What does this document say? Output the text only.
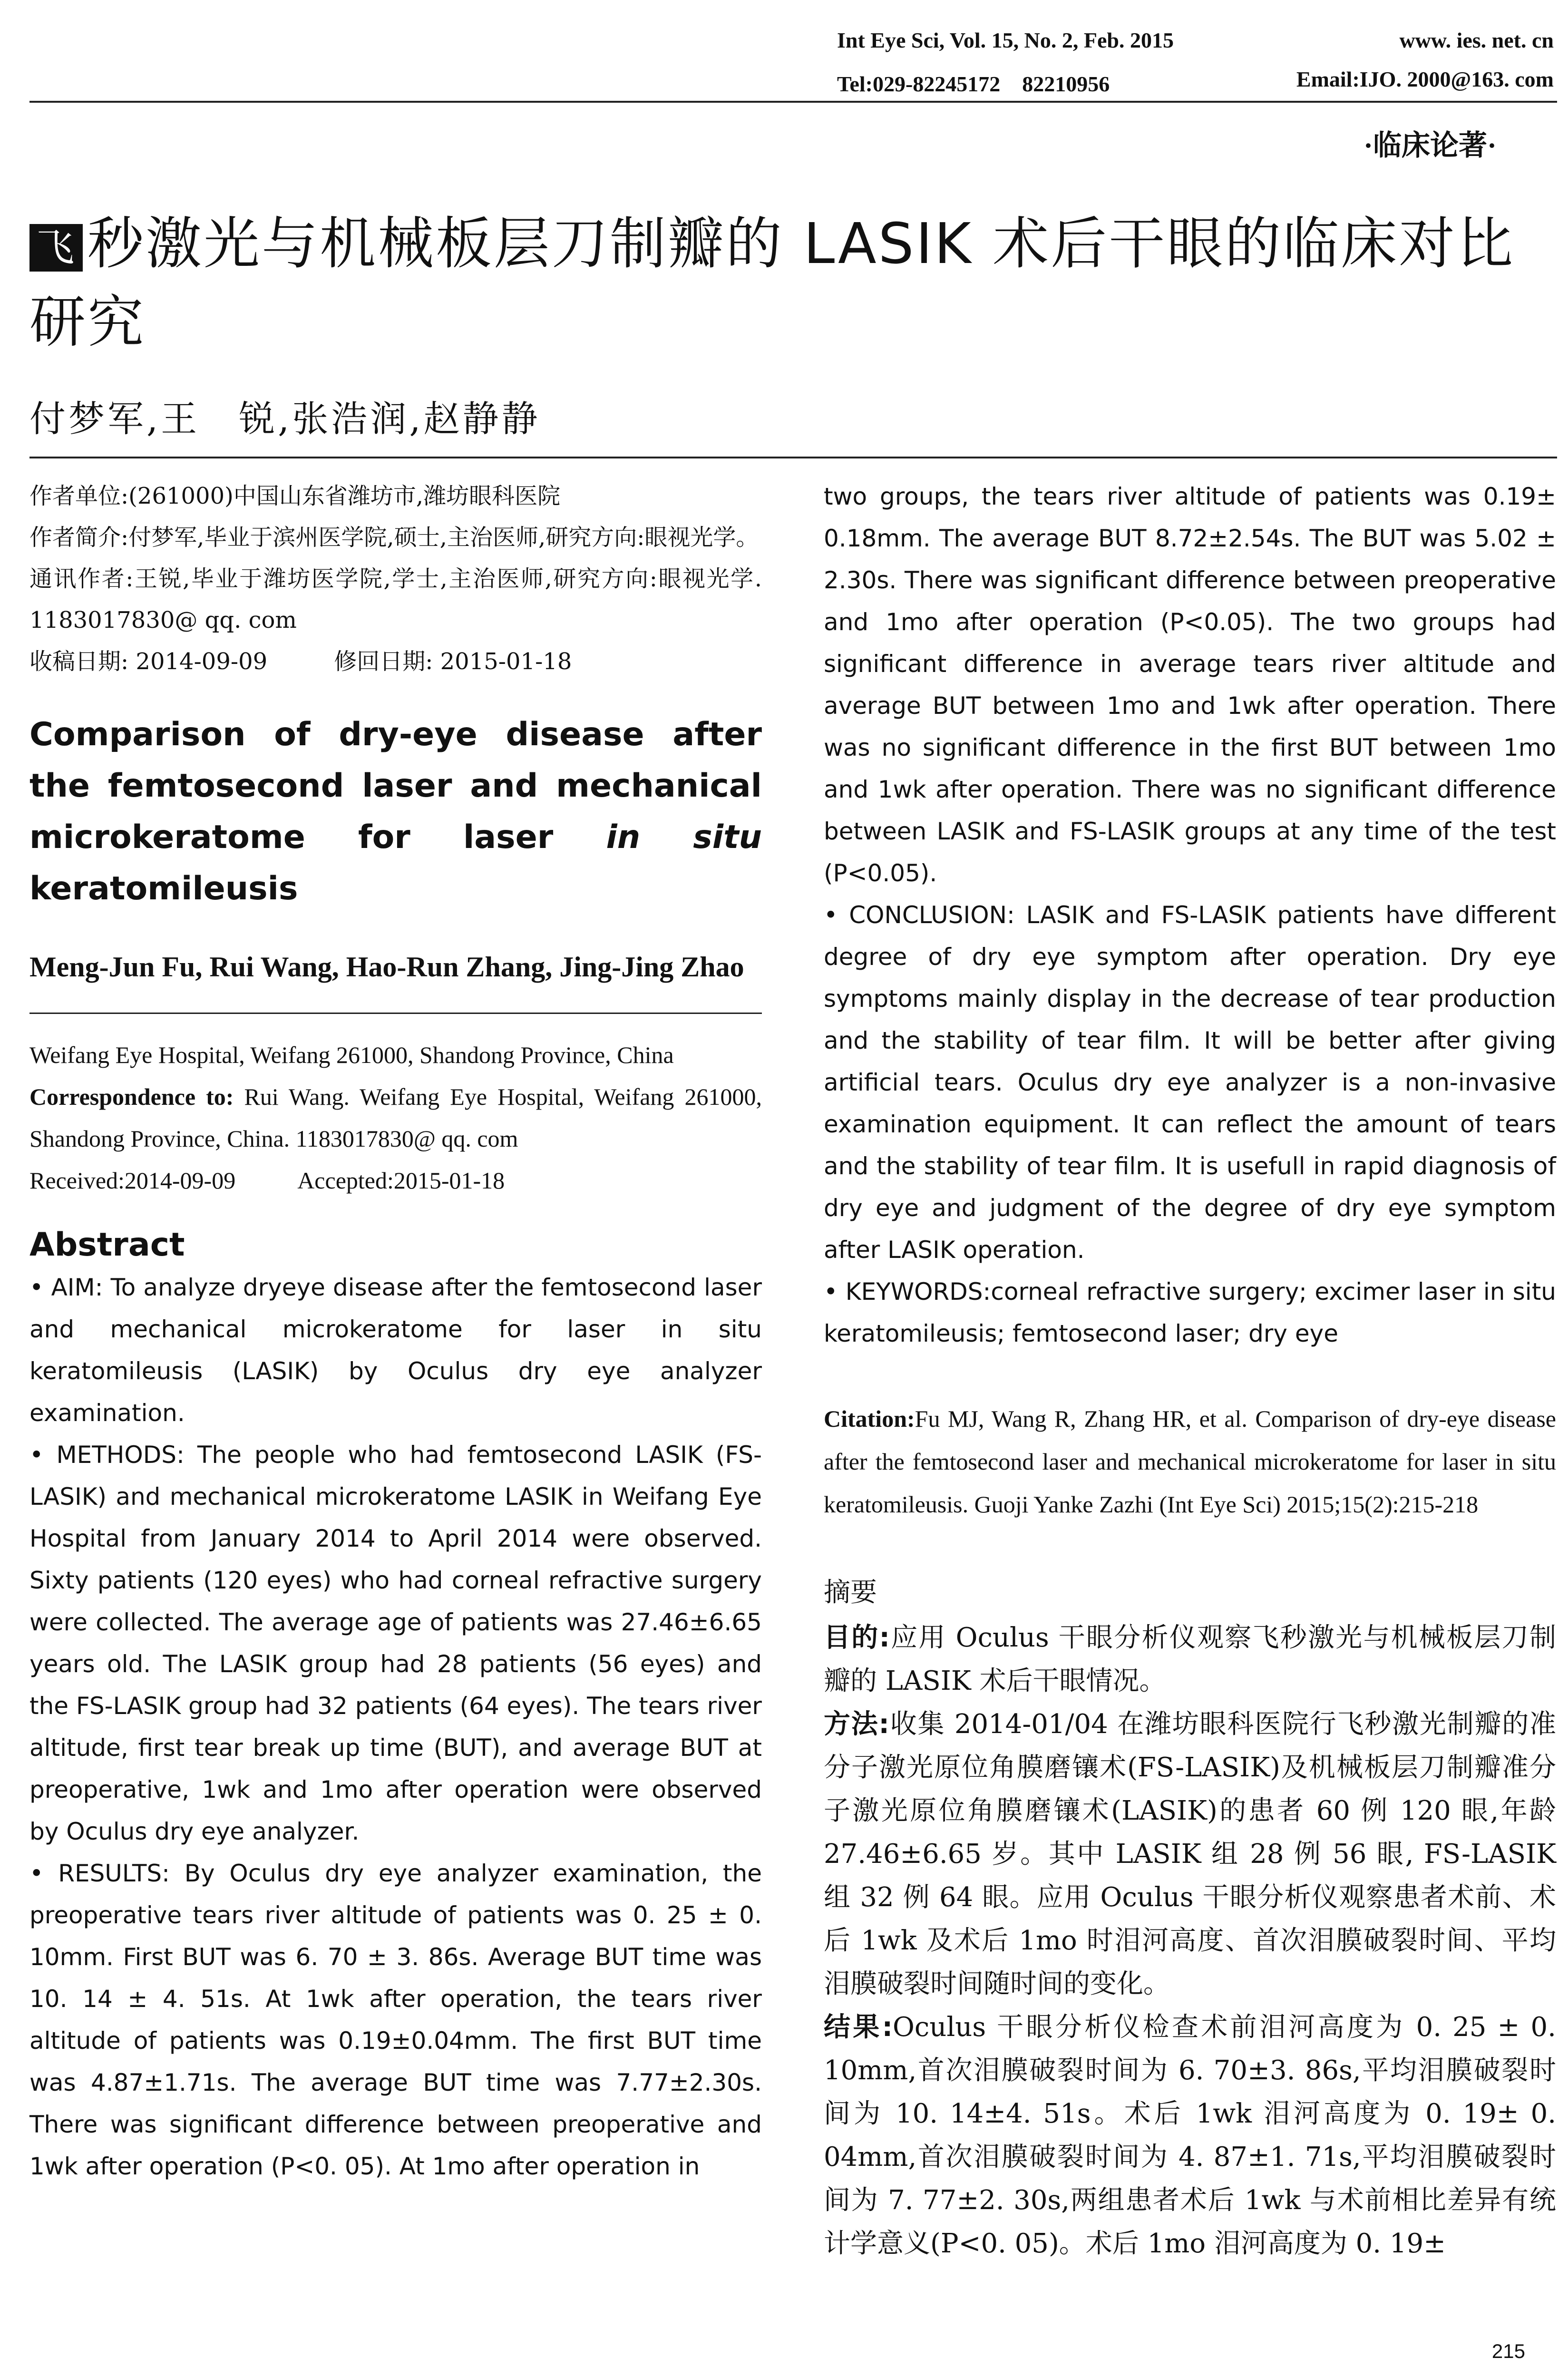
Int Eye Sci, Vol. 15, No. 2, Feb. 2015	www. ies. net. cn
Tel:029-82245172　82210956	Email:IJO. 2000@163. com
·临床论著·
飞 秒激光与机械板层刀制瓣的 LASIK 术后干眼的临床对比研究
付梦军,王　锐,张浩润,赵静静
作者单位:(261000)中国山东省潍坊市,潍坊眼科医院
作者简介:付梦军,毕业于滨州医学院,硕士,主治医师,研究方向:眼视光学。
通讯作者:王锐,毕业于潍坊医学院,学士,主治医师,研究方向:眼视光学. 1183017830@ qq. com
收稿日期: 2014-09-09	修回日期: 2015-01-18
Comparison of dry-eye disease after the femtosecond laser and mechanical microkeratome for laser in situ keratomileusis
Meng-Jun Fu, Rui Wang, Hao-Run Zhang, Jing-Jing Zhao
Weifang Eye Hospital, Weifang 261000, Shandong Province, China
Correspondence to: Rui Wang. Weifang Eye Hospital, Weifang 261000, Shandong Province, China. 1183017830@ qq. com
Received:2014-09-09	Accepted:2015-01-18
Abstract

• AIM: To analyze dryeye disease after the femtosecond laser and mechanical microkeratome for laser in situ keratomileusis (LASIK) by Oculus dry eye analyzer examination.

• METHODS: The people who had femtosecond LASIK (FS-LASIK) and mechanical microkeratome LASIK in Weifang Eye Hospital from January 2014 to April 2014 were observed. Sixty patients (120 eyes) who had corneal refractive surgery were collected. The average age of patients was 27.46±6.65 years old. The LASIK group had 28 patients (56 eyes) and the FS-LASIK group had 32 patients (64 eyes). The tears river altitude, first tear break up time (BUT), and average BUT at preoperative, 1wk and 1mo after operation were observed by Oculus dry eye analyzer.

• RESULTS: By Oculus dry eye analyzer examination, the preoperative tears river altitude of patients was 0. 25 ± 0. 10mm. First BUT was 6. 70 ± 3. 86s. Average BUT time was 10. 14 ± 4. 51s. At 1wk after operation, the tears river altitude of patients was 0.19±0.04mm. The first BUT time was 4.87±1.71s. The average BUT time was 7.77±2.30s. There was significant difference between preoperative and 1wk after operation (P<0. 05). At 1mo after operation in

two groups, the tears river altitude of patients was 0.19± 0.18mm. The average BUT 8.72±2.54s. The BUT was 5.02 ± 2.30s. There was significant difference between preoperative and 1mo after operation (P<0.05). The two groups had significant difference in average tears river altitude and average BUT between 1mo and 1wk after operation. There was no significant difference in the first BUT between 1mo and 1wk after operation. There was no significant difference between LASIK and FS-LASIK groups at any time of the test (P<0.05).

• CONCLUSION: LASIK and FS-LASIK patients have different degree of dry eye symptom after operation. Dry eye symptoms mainly display in the decrease of tear production and the stability of tear film. It will be better after giving artificial tears. Oculus dry eye analyzer is a non-invasive examination equipment. It can reflect the amount of tears and the stability of tear film. It is usefull in rapid diagnosis of dry eye and judgment of the degree of dry eye symptom after LASIK operation.

• KEYWORDS:corneal refractive surgery; excimer laser in situ keratomileusis; femtosecond laser; dry eye

Citation:Fu MJ, Wang R, Zhang HR, et al. Comparison of dry-eye disease after the femtosecond laser and mechanical microkeratome for laser in situ keratomileusis. Guoji Yanke Zazhi (Int Eye Sci) 2015;15(2):215-218
摘要

目的:应用 Oculus 干眼分析仪观察飞秒激光与机械板层刀制瓣的 LASIK 术后干眼情况。

方法:收集 2014-01/04 在潍坊眼科医院行飞秒激光制瓣的准分子激光原位角膜磨镶术(FS-LASIK)及机械板层刀制瓣准分子激光原位角膜磨镶术(LASIK)的患者 60 例 120 眼,年龄 27.46±6.65 岁。其中 LASIK 组 28 例 56 眼, FS-LASIK 组 32 例 64 眼。应用 Oculus 干眼分析仪观察患者术前、术后 1wk 及术后 1mo 时泪河高度、首次泪膜破裂时间、平均泪膜破裂时间随时间的变化。

结果:Oculus 干眼分析仪检查术前泪河高度为 0. 25 ± 0. 10mm,首次泪膜破裂时间为 6. 70±3. 86s,平均泪膜破裂时间为 10. 14±4. 51s。术后 1wk 泪河高度为 0. 19± 0. 04mm,首次泪膜破裂时间为 4. 87±1. 71s,平均泪膜破裂时间为 7. 77±2. 30s,两组患者术后 1wk 与术前相比差异有统计学意义(P<0. 05)。术后 1mo 泪河高度为 0. 19±

215
